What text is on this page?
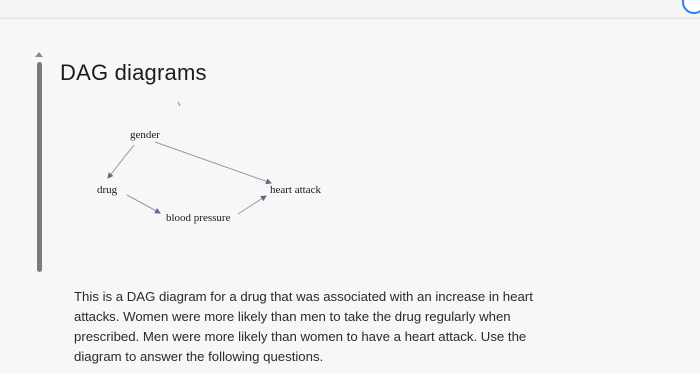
DAG diagrams
gender
drug
blood pressure
heart attack
This is a DAG diagram for a drug that was associated with an increase in heart attacks. Women were more likely than men to take the drug regularly when prescribed. Men were more likely than women to have a heart attack. Use the diagram to answer the following questions.
